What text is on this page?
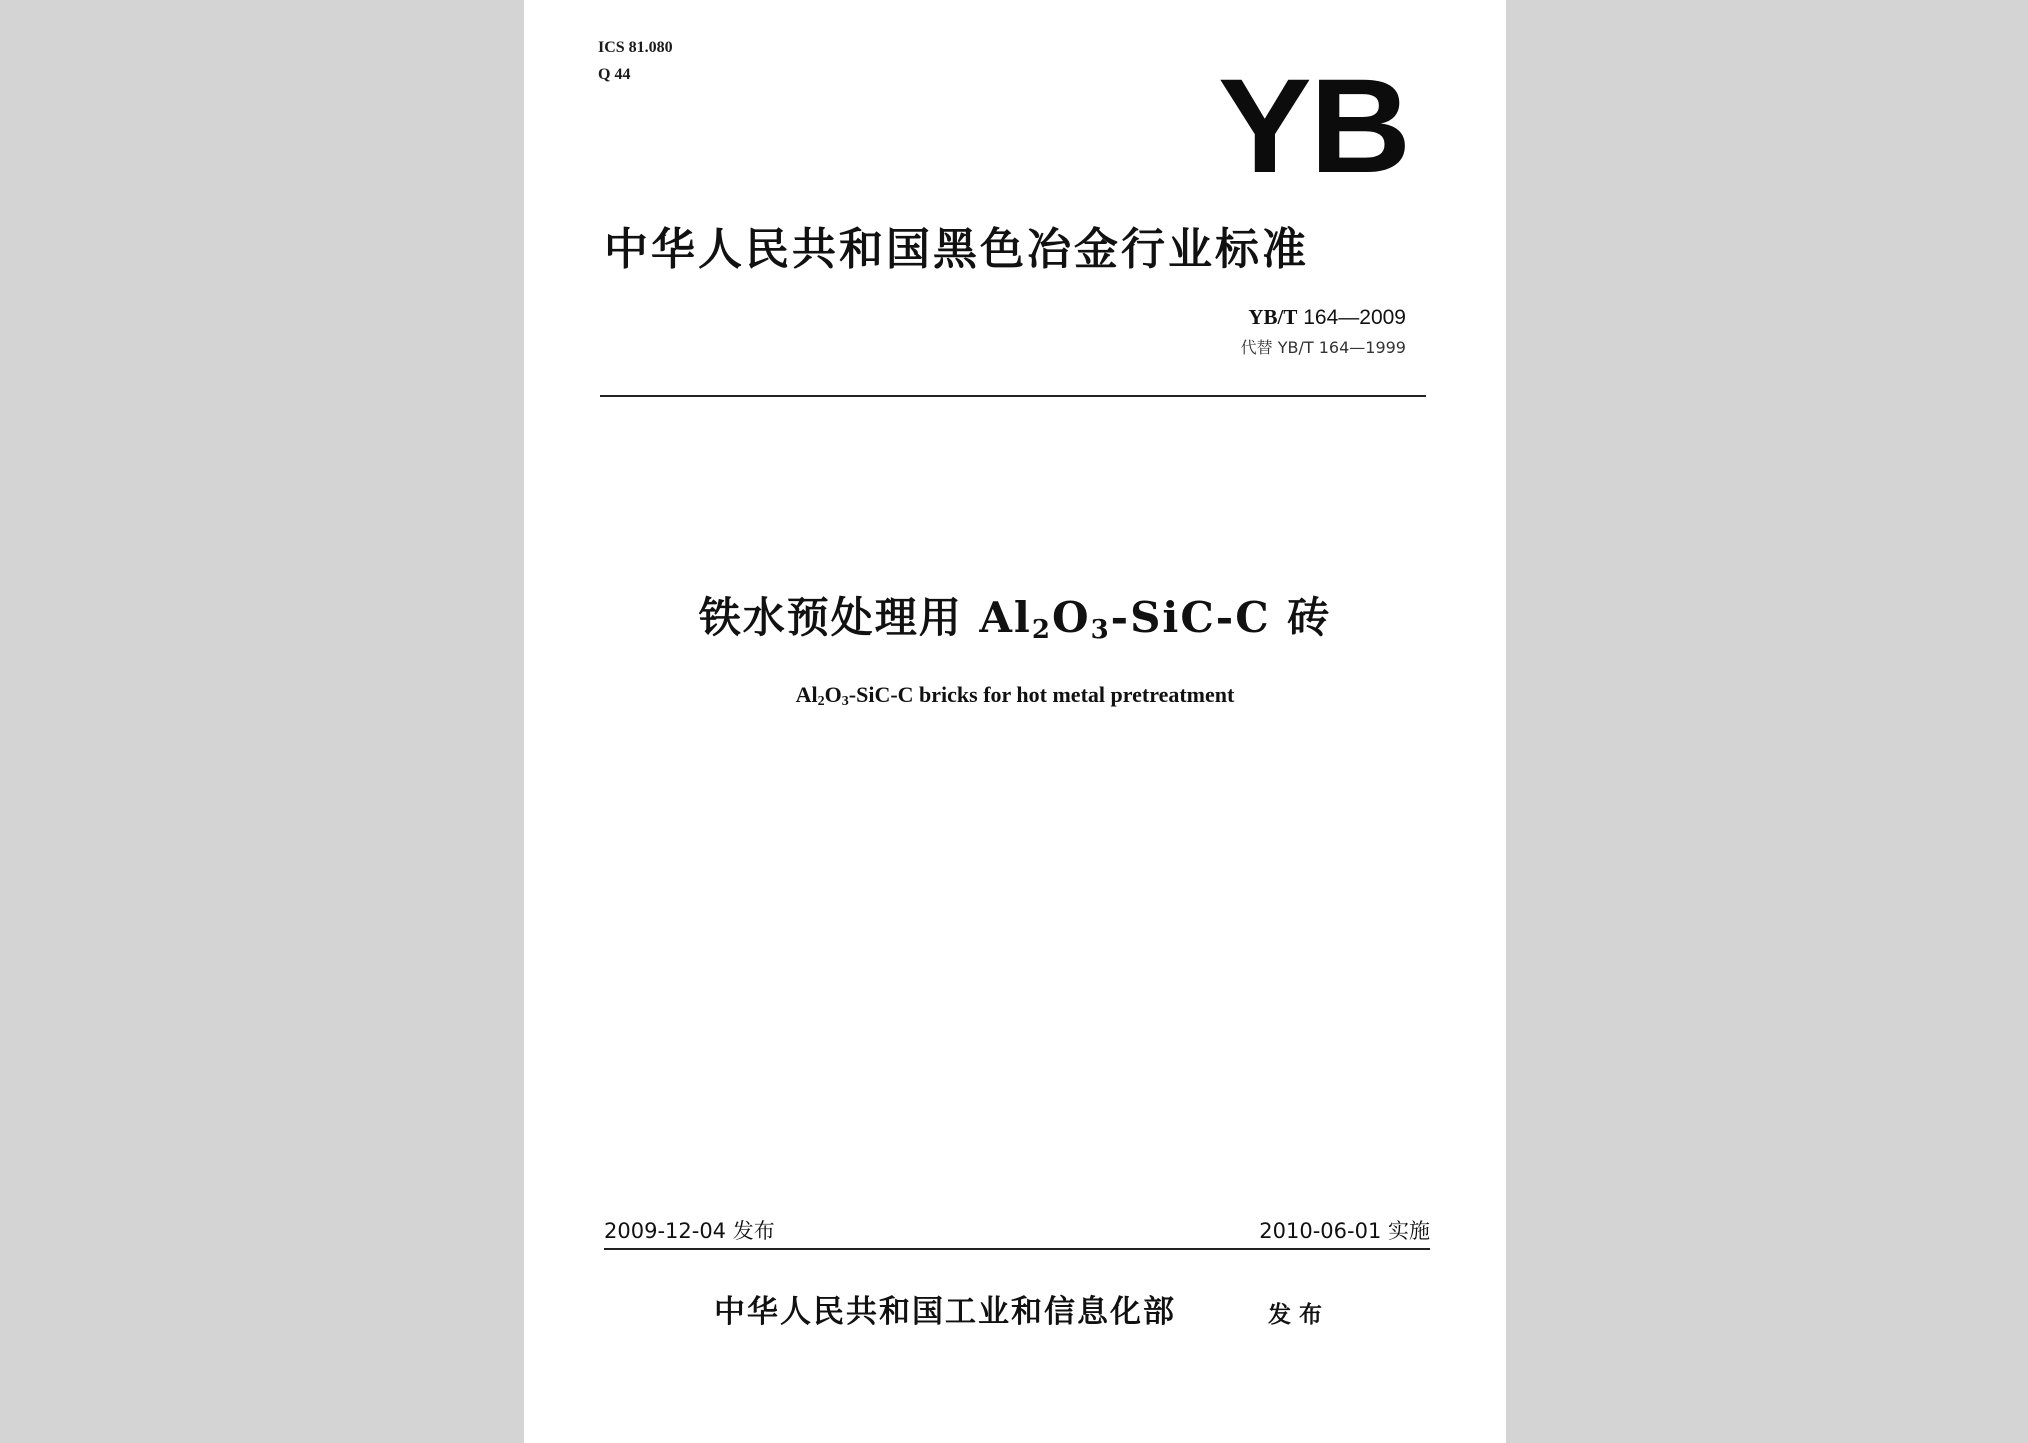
ICS 81.080
Q 44	YB
中华人民共和国黑色冶金行业标准
YB/T 164—2009
代替 YB/T 164—1999
铁水预处理用 $Al_2O_3-SiC-C$ 砖
$Al_2O_3-SiC-C$ bricks for hot metal pretreatment
2009-12-04 发布	2010-06-01 实施
中华人民共和国工业和信息化部	发布
